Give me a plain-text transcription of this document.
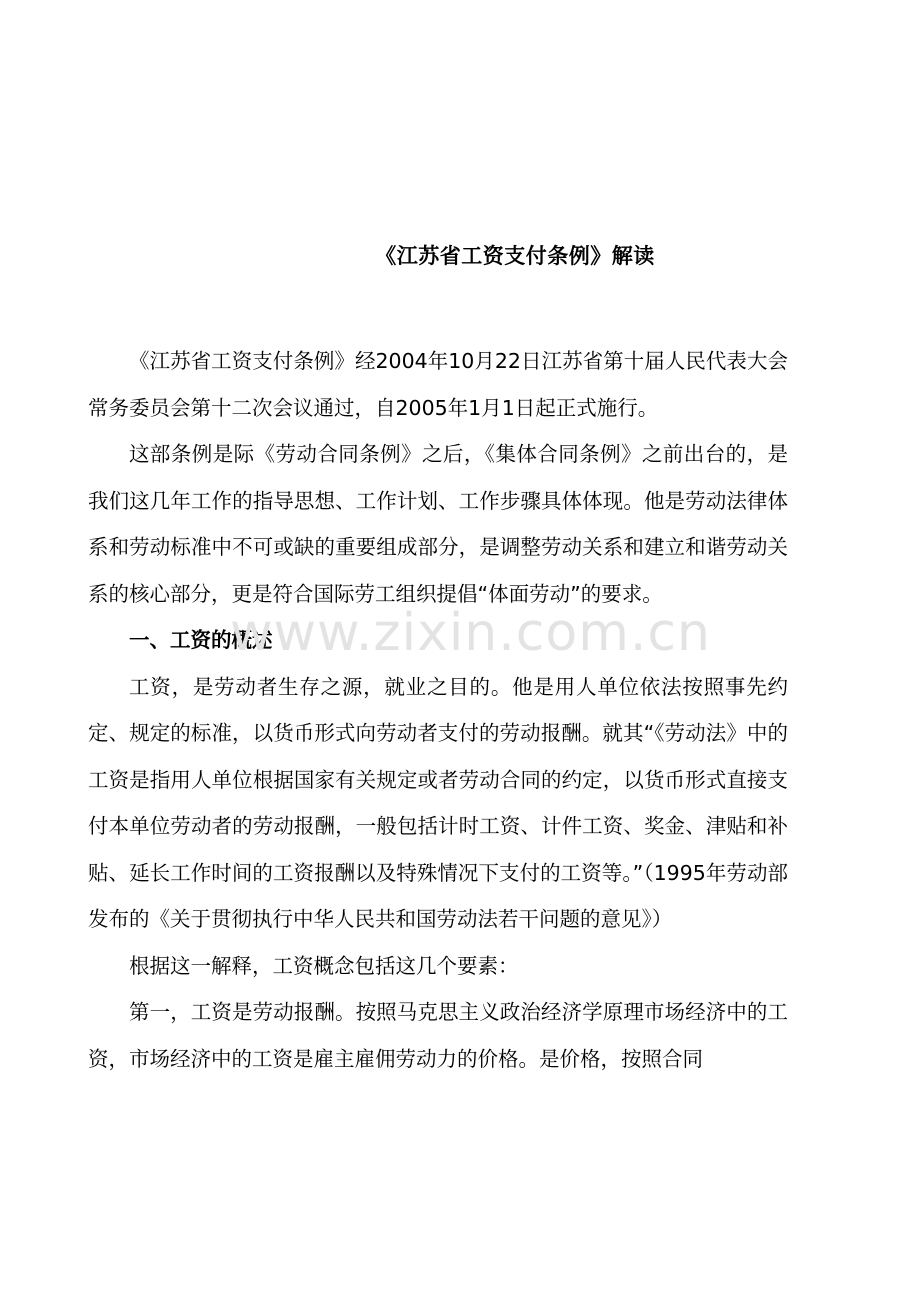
《江苏省工资支付条例》解读

《江苏省工资支付条例》经2004年10月22日江苏省第十届人民代表大会常务委员会第十二次会议通过，自2005年1月1日起正式施行。

这部条例是际《劳动合同条例》之后，《集体合同条例》之前出台的，是我们这几年工作的指导思想、工作计划、工作步骤具体体现。他是劳动法律体系和劳动标准中不可或缺的重要组成部分，是调整劳动关系和建立和谐劳动关系的核心部分，更是符合国际劳工组织提倡“体面劳动”的要求。

一、工资的概述

工资，是劳动者生存之源，就业之目的。他是用人单位依法按照事先约定、规定的标准，以货币形式向劳动者支付的劳动报酬。就其“《劳动法》中的工资是指用人单位根据国家有关规定或者劳动合同的约定，以货币形式直接支付本单位劳动者的劳动报酬，一般包括计时工资、计件工资、奖金、津贴和补贴、延长工作时间的工资报酬以及特殊情况下支付的工资等。”（1995年劳动部发布的《关于贯彻执行中华人民共和国劳动法若干问题的意见》）

根据这一解释，工资概念包括这几个要素：

第一，工资是劳动报酬。按照马克思主义政治经济学原理市场经济中的工资，市场经济中的工资是雇主雇佣劳动力的价格。是价格，按照合同

www.zixin.com.cn
